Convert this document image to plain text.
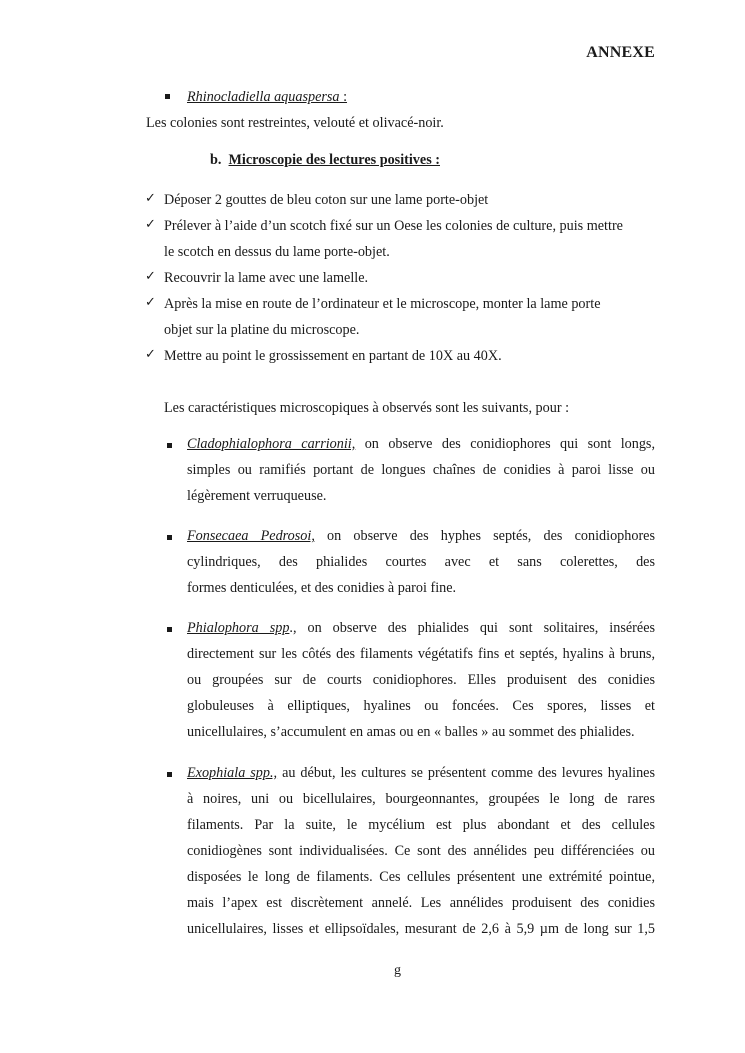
ANNEXE
Rhinocladiella aquaspersa :
Les colonies sont restreintes, velouté et olivacé-noir.
b. Microscopie des lectures positives :
✓ Déposer 2 gouttes de bleu coton sur une lame porte-objet
✓ Prélever à l’aide d’un scotch fixé sur un Oese les colonies de culture, puis mettre
le scotch en dessus du lame porte-objet.
✓ Recouvrir la lame avec une lamelle.
✓ Après la mise en route de l’ordinateur et le microscope, monter la lame porte
objet sur la platine du microscope.
✓ Mettre au point le grossissement en partant de 10X au 40X.
Les caractéristiques microscopiques à observés sont les suivants, pour :
Cladophialophora carrionii, on observe des conidiophores qui sont longs,
simples ou ramifiés portant de longues chaînes de conidies à paroi lisse ou
légèrement verruqueuse.
Fonsecaea Pedrosoi, on observe des hyphes septés, des conidiophores
cylindriques, des phialides courtes avec et sans colerettes, des
formes denticulées, et des conidies à paroi fine.
Phialophora spp., on observe des phialides qui sont solitaires, insérées
directement sur les côtés des filaments végétatifs fins et septés, hyalins à bruns,
ou groupées sur de courts conidiophores. Elles produisent des conidies
globuleuses à elliptiques, hyalines ou foncées. Ces spores, lisses et
unicellulaires, s’accumulent en amas ou en « balles » au sommet des phialides.
Exophiala spp., au début, les cultures se présentent comme des levures hyalines
à noires, uni ou bicellulaires, bourgeonnantes, groupées le long de rares
filaments. Par la suite, le mycélium est plus abondant et des cellules
conidiogènes sont individualisées. Ce sont des annélides peu différenciées ou
disposées le long de filaments. Ces cellules présentent une extrémité pointue,
mais l’apex est discrètement annelé. Les annélides produisent des conidies
unicellulaires, lisses et ellipsoïdales, mesurant de 2,6 à 5,9 µm de long sur 1,5
g
